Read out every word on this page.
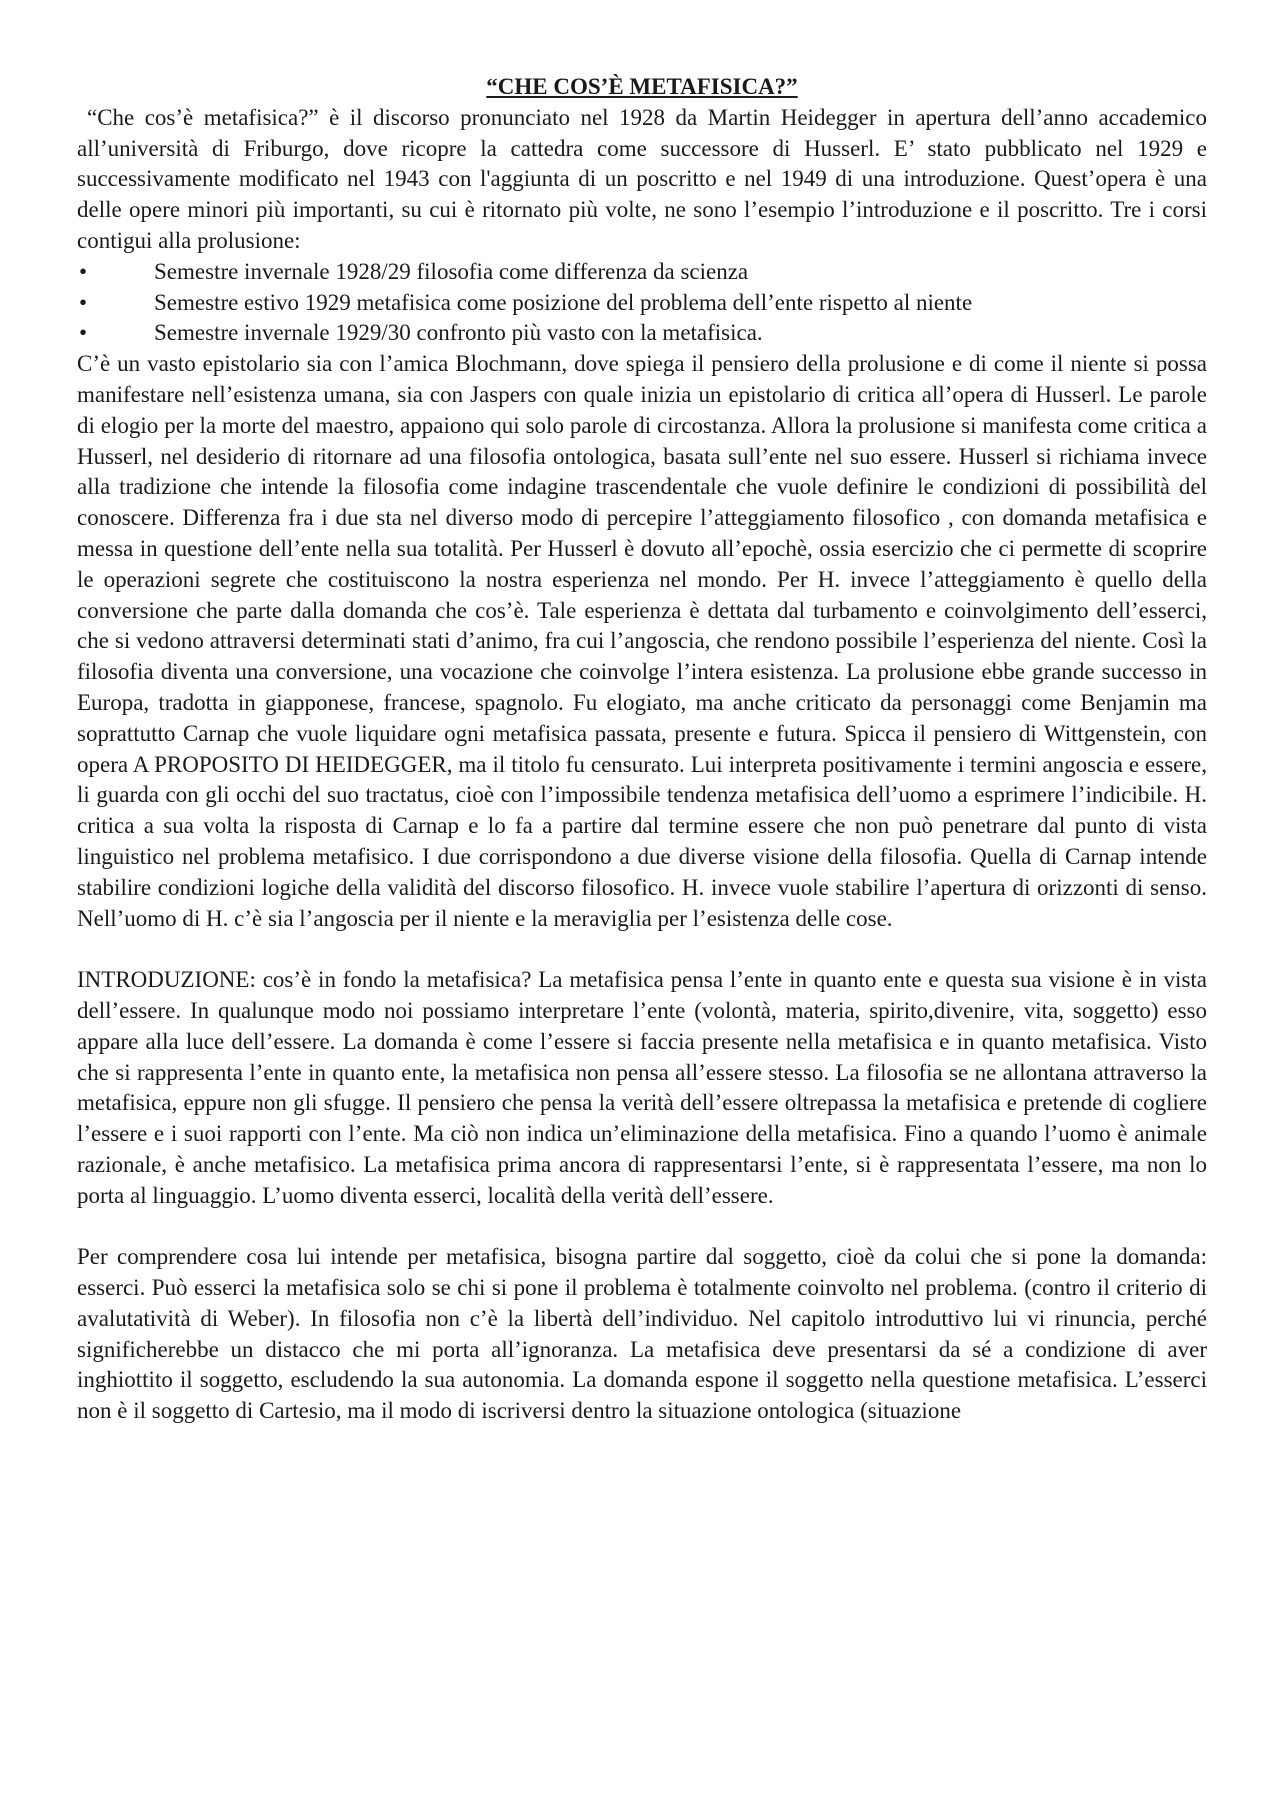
“CHE COS’È METAFISICA?”

“Che cos’è metafisica?” è il discorso pronunciato nel 1928 da Martin Heidegger in apertura dell’anno accademico all’università di Friburgo, dove ricopre la cattedra come successore di Husserl. E’ stato pubblicato nel 1929 e successivamente modificato nel 1943 con l'aggiunta di un poscritto e nel 1949 di una introduzione. Quest’opera è una delle opere minori più importanti, su cui è ritornato più volte, ne sono l’esempio l’introduzione e il poscritto. Tre i corsi contigui alla prolusione:

•	Semestre invernale 1928/29 filosofia come differenza da scienza
•	Semestre estivo 1929 metafisica come posizione del problema dell’ente rispetto al niente
•	Semestre invernale 1929/30 confronto più vasto con la metafisica.

C’è un vasto epistolario sia con l’amica Blochmann, dove spiega il pensiero della prolusione e di come il niente si possa manifestare nell’esistenza umana, sia con Jaspers con quale inizia un epistolario di critica all’opera di Husserl. Le parole di elogio per la morte del maestro, appaiono qui solo parole di circostanza. Allora la prolusione si manifesta come critica a Husserl, nel desiderio di ritornare ad una filosofia ontologica, basata sull’ente nel suo essere. Husserl si richiama invece alla tradizione che intende la filosofia come indagine trascendentale che vuole definire le condizioni di possibilità del conoscere. Differenza fra i due sta nel diverso modo di percepire l’atteggiamento filosofico , con domanda metafisica e messa in questione dell’ente nella sua totalità. Per Husserl è dovuto all’epochè, ossia esercizio che ci permette di scoprire le operazioni segrete che costituiscono la nostra esperienza nel mondo. Per H. invece l’atteggiamento è quello della conversione che parte dalla domanda che cos’è. Tale esperienza è dettata dal turbamento e coinvolgimento dell’esserci, che si vedono attraversi determinati stati d’animo, fra cui l’angoscia, che rendono possibile l’esperienza del niente. Così la filosofia diventa una conversione, una vocazione che coinvolge l’intera esistenza. La prolusione ebbe grande successo in Europa, tradotta in giapponese, francese, spagnolo. Fu elogiato, ma anche criticato da personaggi come Benjamin ma soprattutto Carnap che vuole liquidare ogni metafisica passata, presente e futura. Spicca il pensiero di Wittgenstein, con opera A PROPOSITO DI HEIDEGGER, ma il titolo fu censurato. Lui interpreta positivamente i termini angoscia e essere, li guarda con gli occhi del suo tractatus, cioè con l’impossibile tendenza metafisica dell’uomo a esprimere l’indicibile. H. critica a sua volta la risposta di Carnap e lo fa a partire dal termine essere che non può penetrare dal punto di vista linguistico nel problema metafisico. I due corrispondono a due diverse visione della filosofia. Quella di Carnap intende stabilire condizioni logiche della validità del discorso filosofico. H. invece vuole stabilire l’apertura di orizzonti di senso. Nell’uomo di H. c’è sia l’angoscia per il niente e la meraviglia per l’esistenza delle cose.

INTRODUZIONE: cos’è in fondo la metafisica? La metafisica pensa l’ente in quanto ente e questa sua visione è in vista dell’essere. In qualunque modo noi possiamo interpretare l’ente (volontà, materia, spirito,divenire, vita, soggetto) esso appare alla luce dell’essere. La domanda è come l’essere si faccia presente nella metafisica e in quanto metafisica. Visto che si rappresenta l’ente in quanto ente, la metafisica non pensa all’essere stesso. La filosofia se ne allontana attraverso la metafisica, eppure non gli sfugge. Il pensiero che pensa la verità dell’essere oltrepassa la metafisica e pretende di cogliere l’essere e i suoi rapporti con l’ente. Ma ciò non indica un’eliminazione della metafisica. Fino a quando l’uomo è animale razionale, è anche metafisico. La metafisica prima ancora di rappresentarsi l’ente, si è rappresentata l’essere, ma non lo porta al linguaggio. L’uomo diventa esserci, località della verità dell’essere.

Per comprendere cosa lui intende per metafisica, bisogna partire dal soggetto, cioè da colui che si pone la domanda: esserci. Può esserci la metafisica solo se chi si pone il problema è totalmente coinvolto nel problema. (contro il criterio di avalutatività di Weber). In filosofia non c’è la libertà dell’individuo. Nel capitolo introduttivo lui vi rinuncia, perché significherebbe un distacco che mi porta all’ignoranza. La metafisica deve presentarsi da sé a condizione di aver inghiottito il soggetto, escludendo la sua autonomia. La domanda espone il soggetto nella questione metafisica. L’esserci non è il soggetto di Cartesio, ma il modo di iscriversi dentro la situazione ontologica (situazione
